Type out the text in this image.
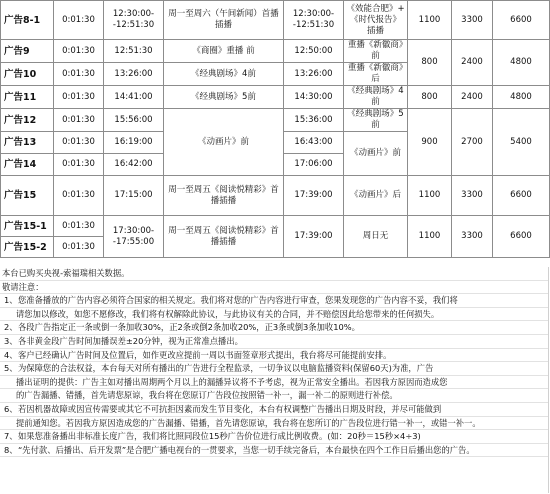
广告8-1	0:01:30	12:30:00--12:51:30	周一至周六（午间新闻）首播插播	12:30:00--12:51:30	《效能合肥》+《时代报告》插播	1100	3300	6600
广告9	0:01:30	12:51:30	《商圈》重播 前	12:50:00	重播《新徽商》前	800	2400	4800
广告10	0:01:30	13:26:00	《经典剧场》4前	13:26:00	重播《新徽商》后			
广告11	0:01:30	14:41:00	《经典剧场》5前	14:30:00	《经典剧场》4前	800	2400	4800
广告12	0:01:30	15:56:00	《动画片》前	15:36:00	《经典剧场》5前	900	2700	5400
广告13	0:01:30	16:19:00		16:43:00	《动画片》前			
广告14	0:01:30	16:42:00		17:06:00				
广告15	0:01:30	17:15:00	周一至周五《阅读悦精彩》首播插播	17:39:00	《动画片》后	1100	3300	6600
广告15-1	0:01:30	17:30:00--17:55:00	周一至周五《阅读悦精彩》首播插播	17:39:00	周日无	1100	3300	6600
广告15-2	0:01:30							
本台已购买央视-索福瑞相关数据。
敬请注意：
1、您准备播放的广告内容必须符合国家的相关规定。我们将对您的广告内容进行审查，您果发现您的广告内容不妥，我们将
请您加以修改，如您不愿修改，我们将有权解除此协议，与此协议有关的合同，并不赔偿因此给您带来的任何损失。
2、各段广告指定正一条或倒一条加收30%，正2条或倒2条加收20%，正3条或倒3条加收10%。
3、各非黄金段广告时间加播误差±20分钟，视为正常准点播出。
4、客户已经确认广告时间及位置后，如作更改应提前一周以书面签章形式提出，我台将尽可能提前安排。
5、为保障您的合法权益，本台每天对所有播出的广告进行全程监录，一切争议以电脑监播资料(保留60天)为准，广告
播出证明的提供：广告主如对播出周期两个月以上的漏播异议将不予考虑，视为正常安全播出。若因我方原因而造成您
的广告漏播、错播，首先请您原谅，我台将在您原订广告段位按照错一补一，漏一补二的原则进行补偿。
6、若因机器故障或因宣传需要或其它不可抗拒因素而发生节目变化，本台有权调整广告播出日期及时段，并尽可能做到
提前通知您。若因我方原因造成您的广告漏播、错播，首先请您原谅，我台将在您所订的广告段位进行错一补一，或错一补一。
7、如果您准备播出非标准长度广告，我们将比照同段位15秒广告价位进行成比例收费。(如：20秒＝15秒×4÷3)
8、“先付款、后播出、后开发票”是合肥广播电视台的一贯要求，当您一切手续完备后，本台最快在四个工作日后播出您的广告。
